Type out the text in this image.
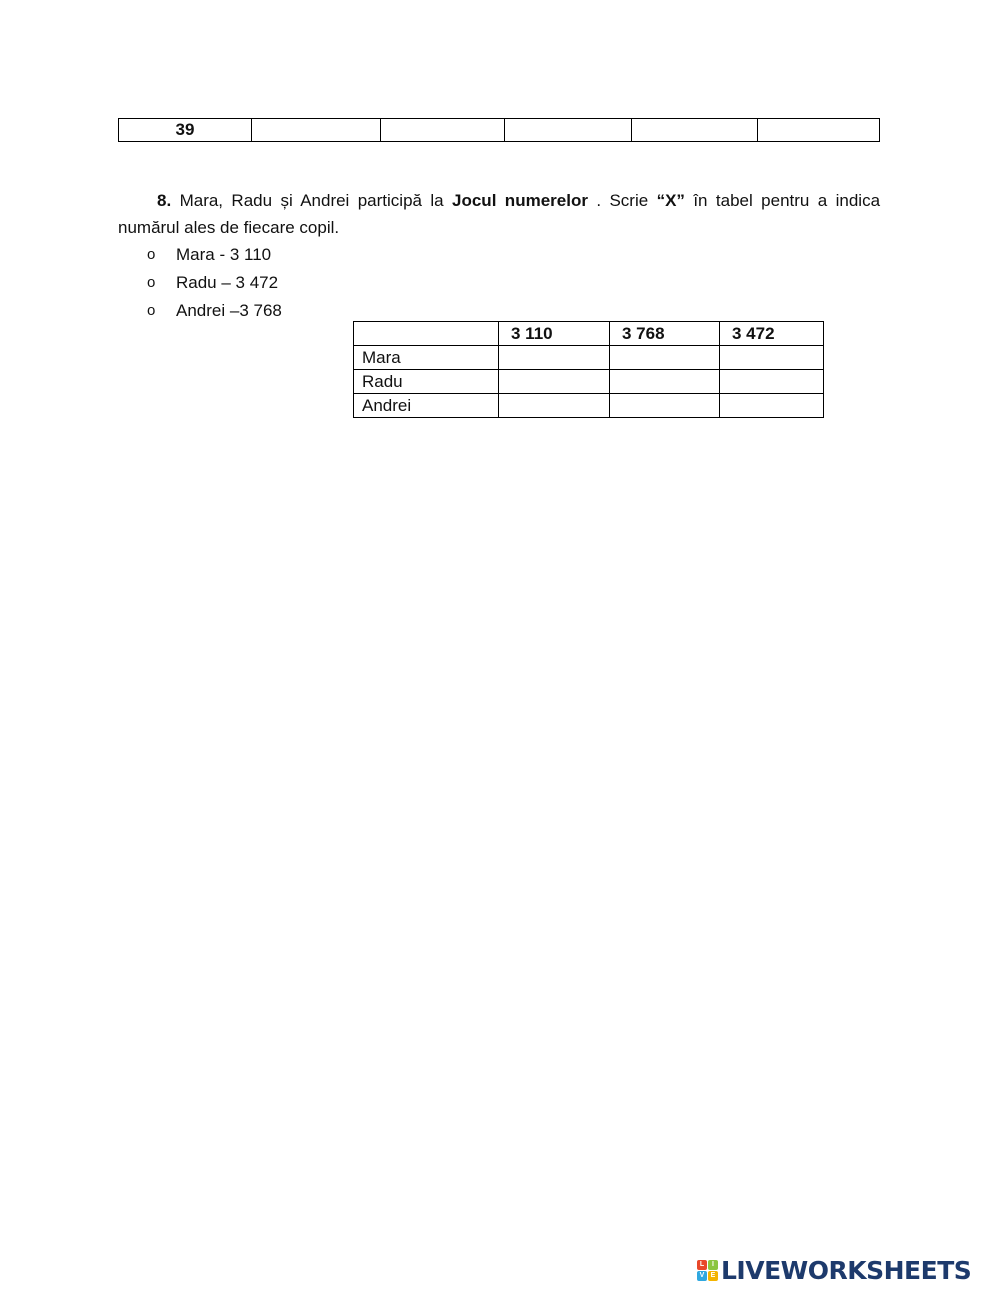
39					

8. Mara, Radu și Andrei participă la Jocul numerelor . Scrie “X” în tabel pentru a indica numărul ales de fiecare copil.

o	Mara - 3 110
o	Radu – 3 472
o	Andrei –3 768
	3 110	3 768	3 472
Mara			
Radu			
Andrei			
L	I
V E LIVEWORKSHEETS
